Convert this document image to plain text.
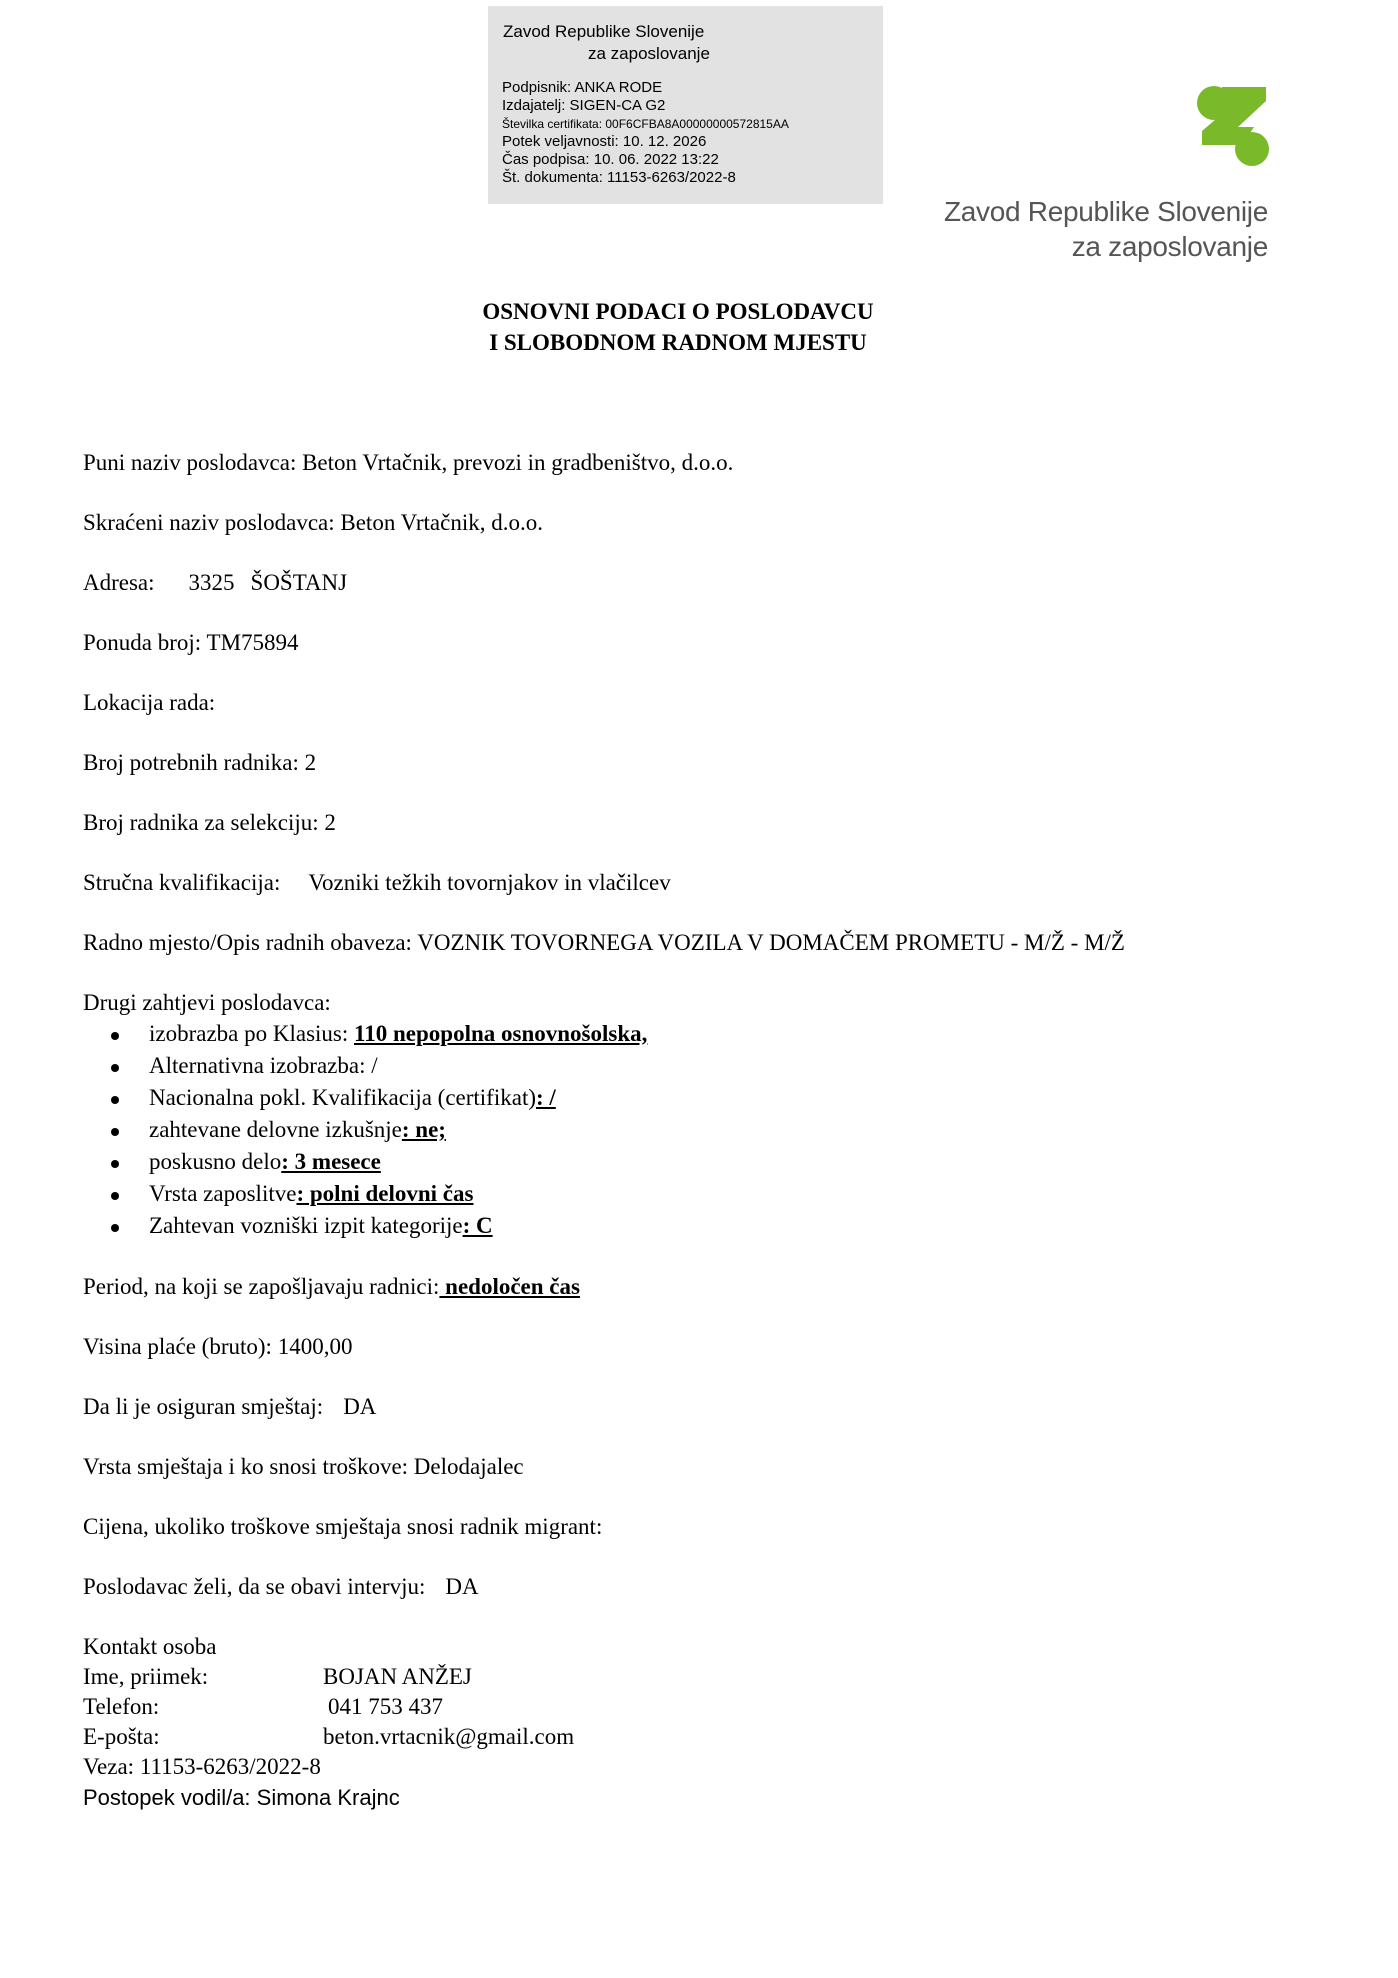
Zavod Republike Slovenije
za zaposlovanje
Podpisnik: ANKA RODE
Izdajatelj: SIGEN-CA G2
Številka certifikata: 00F6CFBA8A00000000572815AA
Potek veljavnosti: 10. 12. 2026
Čas podpisa: 10. 06. 2022 13:22
Št. dokumenta: 11153-6263/2022-8
Zavod Republike Slovenije
za zaposlovanje
OSNOVNI PODACI O POSLODAVCU
I SLOBODNOM RADNOM MJESTU
Puni naziv poslodavca: Beton Vrtačnik, prevozi in gradbeništvo, d.o.o.
Skraćeni naziv poslodavca: Beton Vrtačnik, d.o.o.
Adresa: 3325 ŠOŠTANJ
Ponuda broj: TM75894
Lokacija rada:
Broj potrebnih radnika: 2
Broj radnika za selekciju: 2
Stručna kvalifikacija: Vozniki težkih tovornjakov in vlačilcev
Radno mjesto/Opis radnih obaveza: VOZNIK TOVORNEGA VOZILA V DOMAČEM PROMETU - M/Ž - M/Ž
Drugi zahtjevi poslodavca:
izobrazba po Klasius: 110 nepopolna osnovnošolska,
Alternativna izobrazba: /
Nacionalna pokl. Kvalifikacija (certifikat): /
zahtevane delovne izkušnje: ne;
poskusno delo: 3 mesece
Vrsta zaposlitve: polni delovni čas
Zahtevan vozniški izpit kategorije: C
Period, na koji se zapošljavaju radnici: nedoločen čas
Visina plaće (bruto): 1400,00
Da li je osiguran smještaj: DA
Vrsta smještaja i ko snosi troškove: Delodajalec
Cijena, ukoliko troškove smještaja snosi radnik migrant:
Poslodavac želi, da se obavi intervju: DA
Kontakt osoba
Ime, priimek:	BOJAN ANŽEJ
Telefon:	041 753 437
E-pošta:	beton.vrtacnik@gmail.com
Veza: 11153-6263/2022-8
Postopek vodil/a: Simona Krajnc
